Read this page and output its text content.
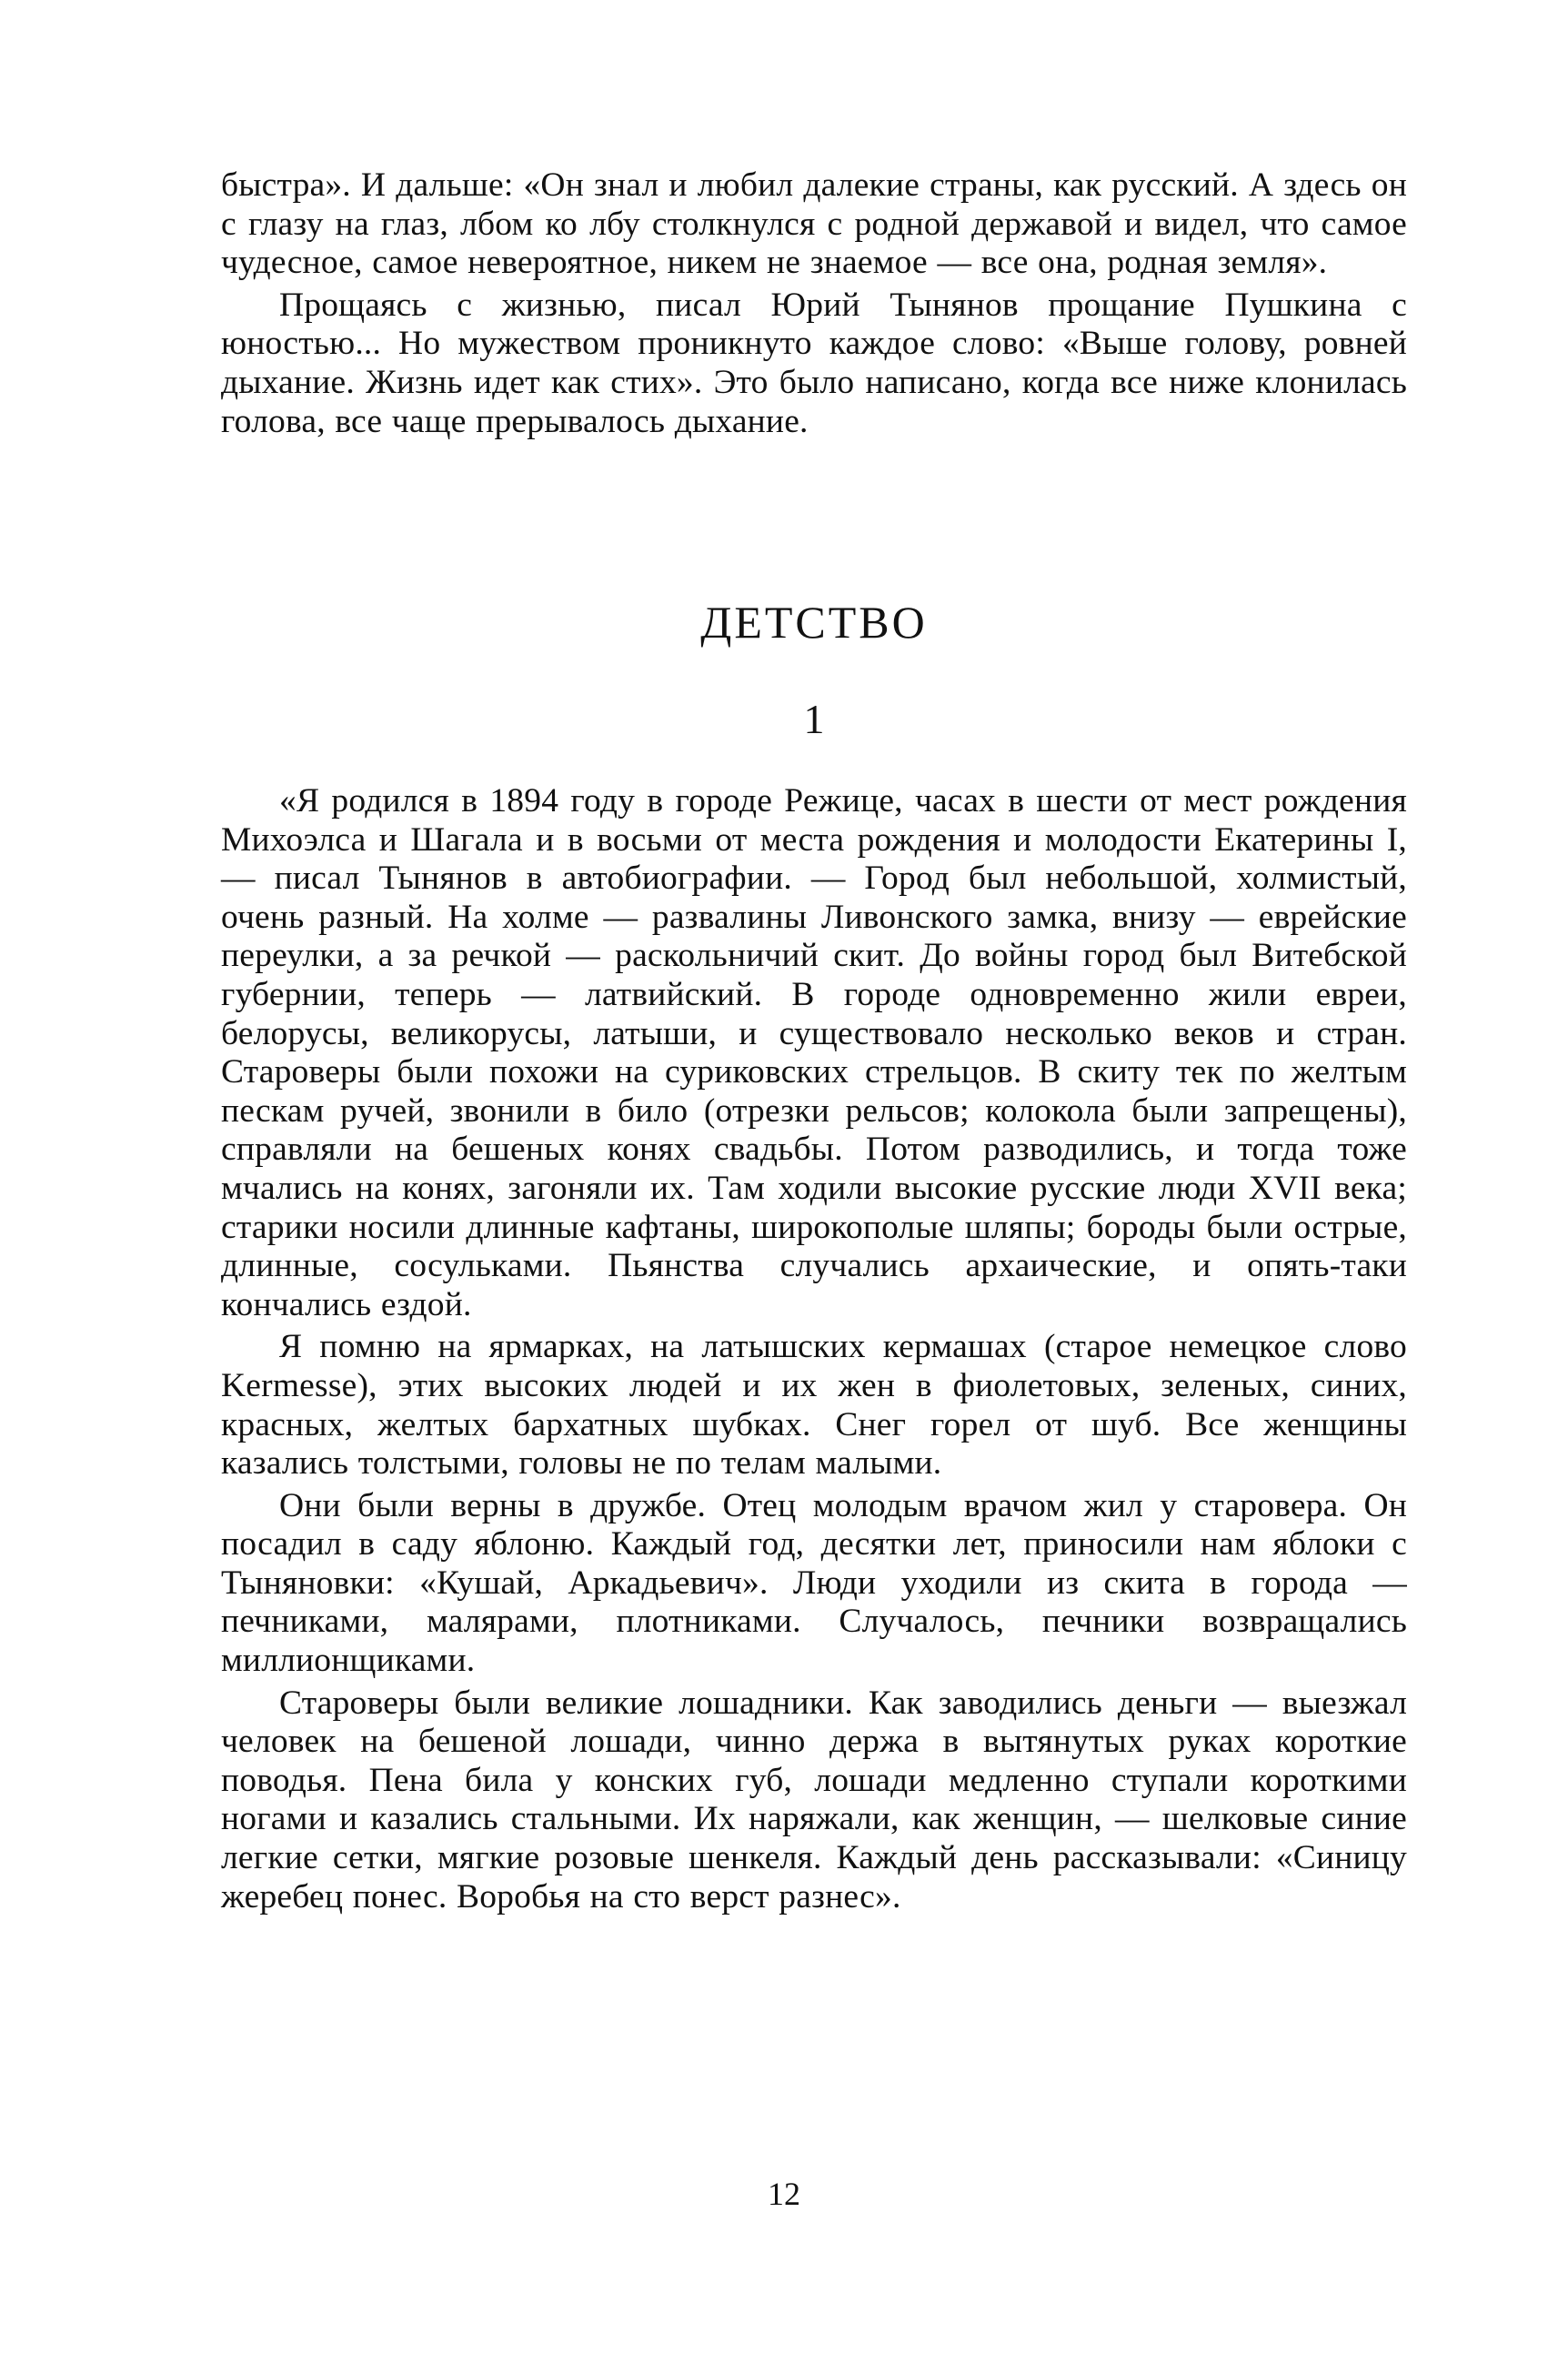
быстра». И дальше: «Он знал и любил далекие страны, как русский. А здесь он с глазу на глаз, лбом ко лбу столкнулся с родной державой и видел, что самое чудесное, самое невероятное, никем не знаемое — все она, родная земля».

Прощаясь с жизнью, писал Юрий Тынянов прощание Пушкина с юностью... Но мужеством проникнуто каждое слово: «Выше голову, ровней дыхание. Жизнь идет как стих». Это было написано, когда все ниже клонилась голова, все чаще прерывалось дыхание.

ДЕТСТВО
1

«Я родился в 1894 году в городе Режице, часах в шести от мест рождения Михоэлса и Шагала и в восьми от места рождения и молодости Екатерины I, — писал Тынянов в автобиографии. — Город был небольшой, холмистый, очень разный. На холме — развалины Ливонского замка, внизу — еврейские переулки, а за речкой — раскольничий скит. До войны город был Витебской губернии, теперь — латвийский. В городе одновременно жили евреи, белорусы, великорусы, латыши, и существовало несколько веков и стран. Староверы были похожи на суриковских стрельцов. В скиту тек по желтым пескам ручей, звонили в било (отрезки рельсов; колокола были запрещены), справляли на бешеных конях свадьбы. Потом разводились, и тогда тоже мчались на конях, загоняли их. Там ходили высокие русские люди XVII века; старики носили длинные кафтаны, широкополые шляпы; бороды были острые, длинные, сосульками. Пьянства случались архаические, и опять-таки кончались ездой.

Я помню на ярмарках, на латышских кермашах (старое немецкое слово Kermesse), этих высоких людей и их жен в фиолетовых, зеленых, синих, красных, желтых бархатных шубках. Снег горел от шуб. Все женщины казались толстыми, головы не по телам малыми.

Они были верны в дружбе. Отец молодым врачом жил у старовера. Он посадил в саду яблоню. Каждый год, десятки лет, приносили нам яблоки с Тыняновки: «Кушай, Аркадьевич». Люди уходили из скита в города — печниками, малярами, плотниками. Случалось, печники возвращались миллионщиками.

Староверы были великие лошадники. Как заводились деньги — выезжал человек на бешеной лошади, чинно держа в вытянутых руках короткие поводья. Пена била у конских губ, лошади медленно ступали короткими ногами и казались стальными. Их наряжали, как женщин, — шелковые синие легкие сетки, мягкие розовые шенкеля. Каждый день рассказывали: «Синицу жеребец понес. Воробья на сто верст разнес».

12
